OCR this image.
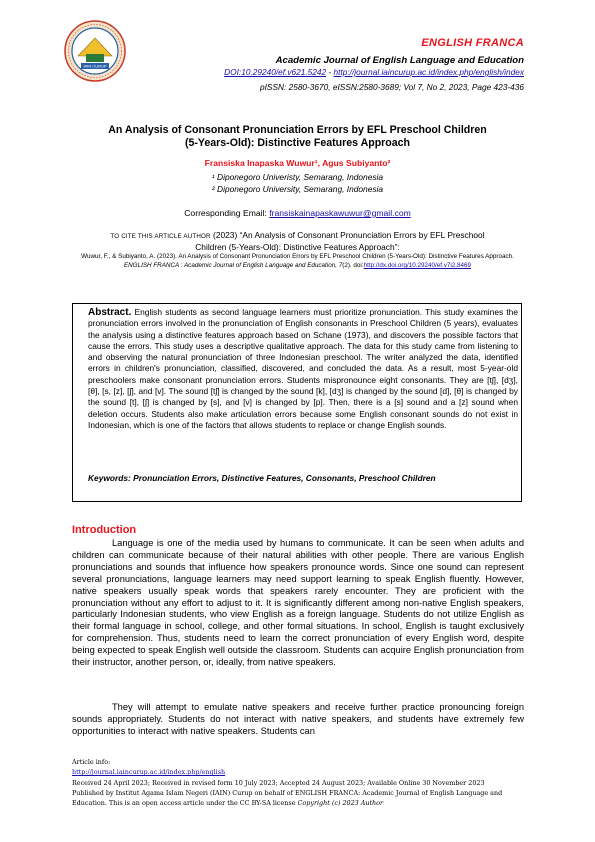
IAIN CURUP
ENGLISH FRANCA
Academic Journal of English Language and Education
DOI:10.29240/ef.v621.5242 - http://journal.iaincurup.ac.id/index.php/english/index
pISSN: 2580-3670, eISSN:2580-3689; Vol 7, No 2, 2023, Page 423-436
An Analysis of Consonant Pronunciation Errors by EFL Preschool Children
(5-Years-Old): Distinctive Features Approach
Fransiska Inapaska Wuwur¹, Agus Subiyanto²
¹ Diponegoro Univeristy, Semarang, Indonesia
² Diponegoro University, Semarang, Indonesia
Corresponding Email: fransiskainapaskawuwur@gmail.com
TO CITE THIS ARTICLE AUTHOR (2023) “An Analysis of Consonant Pronunciation Errors by EFL Preschool Children (5-Years-Old): Distinctive Features Approach”:
Wuwur, F., & Subiyanto, A. (2023). An Analysis of Consonant Pronunciation Errors by EFL Preschool Children (5-Years-Old): Distinctive Features Approach. ENGLISH FRANCA : Academic Journal of English Language and Education, 7(2). doi:http://dx.doi.org/10.29240/ef.v7i2.8469
Abstract. English students as second language learners must prioritize pronunciation. This study examines the pronunciation errors involved in the pronunciation of English consonants in Preschool Children (5 years), evaluates the analysis using a distinctive features approach based on Schane (1973), and discovers the possible factors that cause the errors. This study uses a descriptive qualitative approach. The data for this study came from listening to and observing the natural pronunciation of three Indonesian preschool. The writer analyzed the data, identified errors in children's pronunciation, classified, discovered, and concluded the data. As a result, most 5-year-old preschoolers make consonant pronunciation errors. Students mispronounce eight consonants. They are [tʃ], [dʒ], [θ], [s, [z], [ʃ], and [v]. The sound [tʃ] is changed by the sound [k], [dʒ] is changed by the sound [d], [θ] is changed by the sound [t], [ʃ] is changed by [s], and [v] is changed by [p]. Then, there is a [s] sound and a [z] sound when deletion occurs. Students also make articulation errors because some English consonant sounds do not exist in Indonesian, which is one of the factors that allows students to replace or change English sounds.
Keywords: Pronunciation Errors, Distinctive Features, Consonants, Preschool Children
Introduction
Language is one of the media used by humans to communicate. It can be seen when adults and children can communicate because of their natural abilities with other people. There are various English pronunciations and sounds that influence how speakers pronounce words. Since one sound can represent several pronunciations, language learners may need support learning to speak English fluently. However, native speakers usually speak words that speakers rarely encounter. They are proficient with the pronunciation without any effort to adjust to it. It is significantly different among non-native English speakers, particularly Indonesian students, who view English as a foreign language. Students do not utilize English as their formal language in school, college, and other formal situations. In school, English is taught exclusively for comprehension. Thus, students need to learn the correct pronunciation of every English word, despite being expected to speak English well outside the classroom. Students can acquire English pronunciation from their instructor, another person, or, ideally, from native speakers.
They will attempt to emulate native speakers and receive further practice pronouncing foreign sounds appropriately. Students do not interact with native speakers, and students have extremely few opportunities to interact with native speakers. Students can
Article info:
http://journal.iaincurup.ac.id/index.php/english
Received 24 April 2023; Received in revised form 10 July 2023; Accepted 24 August 2023; Available Online 30 November 2023
Published by Institut Agama Islam Negeri (IAIN) Curup on behalf of ENGLISH FRANCA: Academic Journal of English Language and
Education. This is an open access article under the CC BY-SA license Copyright (c) 2023 Author
